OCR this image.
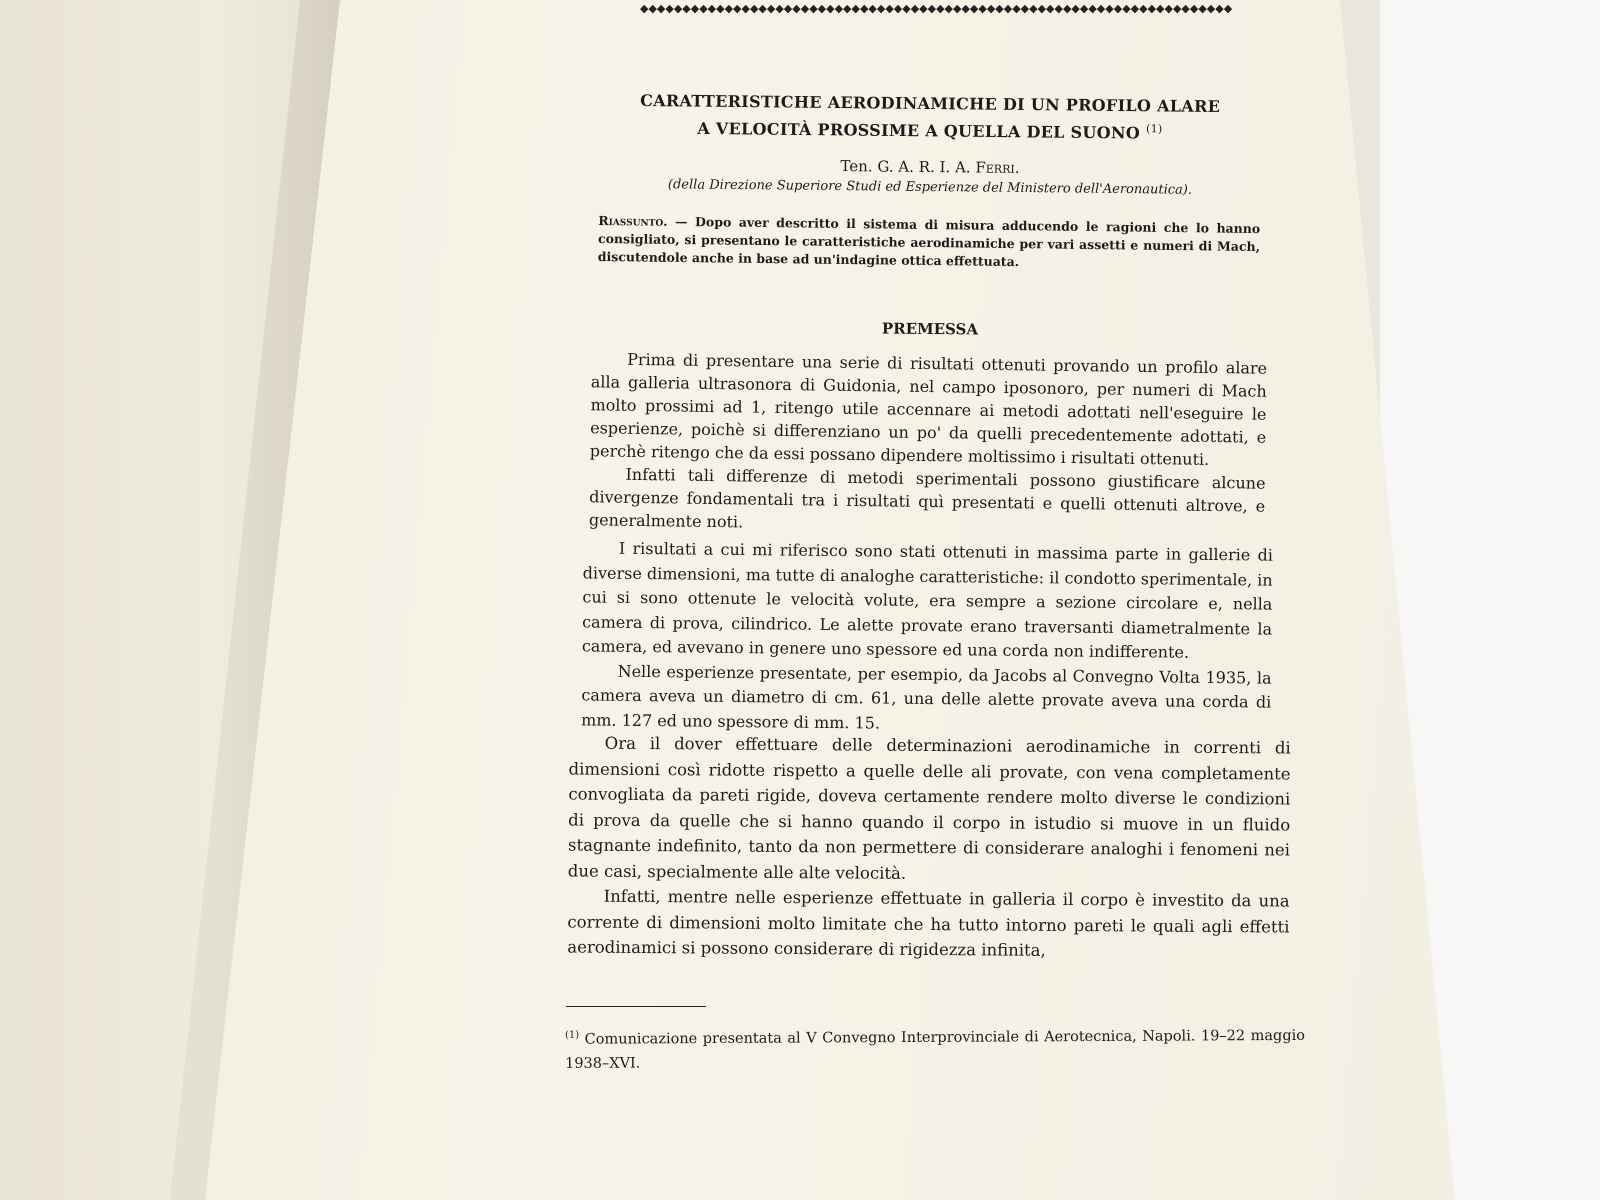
◆◆◆◆◆◆◆◆◆◆◆◆◆◆◆◆◆◆◆◆◆◆◆◆◆◆◆◆◆◆◆◆◆◆◆◆◆◆◆◆◆◆◆◆◆◆◆◆◆◆◆◆◆◆◆◆◆◆◆◆◆◆◆◆◆◆◆◆◆◆
CARATTERISTICHE AERODINAMICHE DI UN PROFILO ALARE
A VELOCITÀ PROSSIME A QUELLA DEL SUONO $^{(1)}$
Ten. G. A. R. I. A. Ferri.
(della Direzione Superiore Studi ed Esperienze del Ministero dell'Aeronautica).
Riassunto. — Dopo aver descritto il sistema di misura adducendo le ragioni che lo hanno consigliato, si presentano le caratteristiche aerodinamiche per vari assetti e numeri di Mach, discutendole anche in base ad un'indagine ottica effettuata.
PREMESSA

Prima di presentare una serie di risultati ottenuti provando un profilo alare alla galleria ultrasonora di Guidonia, nel campo iposonoro, per numeri di Mach molto prossimi ad 1, ritengo utile accennare ai metodi adottati nell'eseguire le esperienze, poichè si differenziano un po' da quelli precedentemente adottati, e perchè ritengo che da essi possano dipendere moltissimo i risultati ottenuti.

Infatti tali differenze di metodi sperimentali possono giustificare alcune divergenze fondamentali tra i risultati quì presentati e quelli ottenuti altrove, e generalmente noti.

I risultati a cui mi riferisco sono stati ottenuti in massima parte in gallerie di diverse dimensioni, ma tutte di analoghe caratteristiche: il condotto sperimentale, in cui si sono ottenute le velocità volute, era sempre a sezione circolare e, nella camera di prova, cilindrico. Le alette provate erano traversanti diametralmente la camera, ed avevano in genere uno spessore ed una corda non indifferente.

Nelle esperienze presentate, per esempio, da Jacobs al Convegno Volta 1935, la camera aveva un diametro di cm. 61, una delle alette provate aveva una corda di mm. 127 ed uno spessore di mm. 15.

Ora il dover effettuare delle determinazioni aerodinamiche in correnti di dimensioni così ridotte rispetto a quelle delle ali provate, con vena completamente convogliata da pareti rigide, doveva certamente rendere molto diverse le condizioni di prova da quelle che si hanno quando il corpo in istudio si muove in un fluido stagnante indefinito, tanto da non permettere di considerare analoghi i fenomeni nei due casi, specialmente alle alte velocità.

Infatti, mentre nelle esperienze effettuate in galleria il corpo è investito da una corrente di dimensioni molto limitate che ha tutto intorno pareti le quali agli effetti aerodinamici si possono considerare di rigidezza infinita,

$^{(1)}$ Comunicazione presentata al V Convegno Interprovinciale di Aerotecnica, Napoli. 19–22 maggio 1938–XVI.
